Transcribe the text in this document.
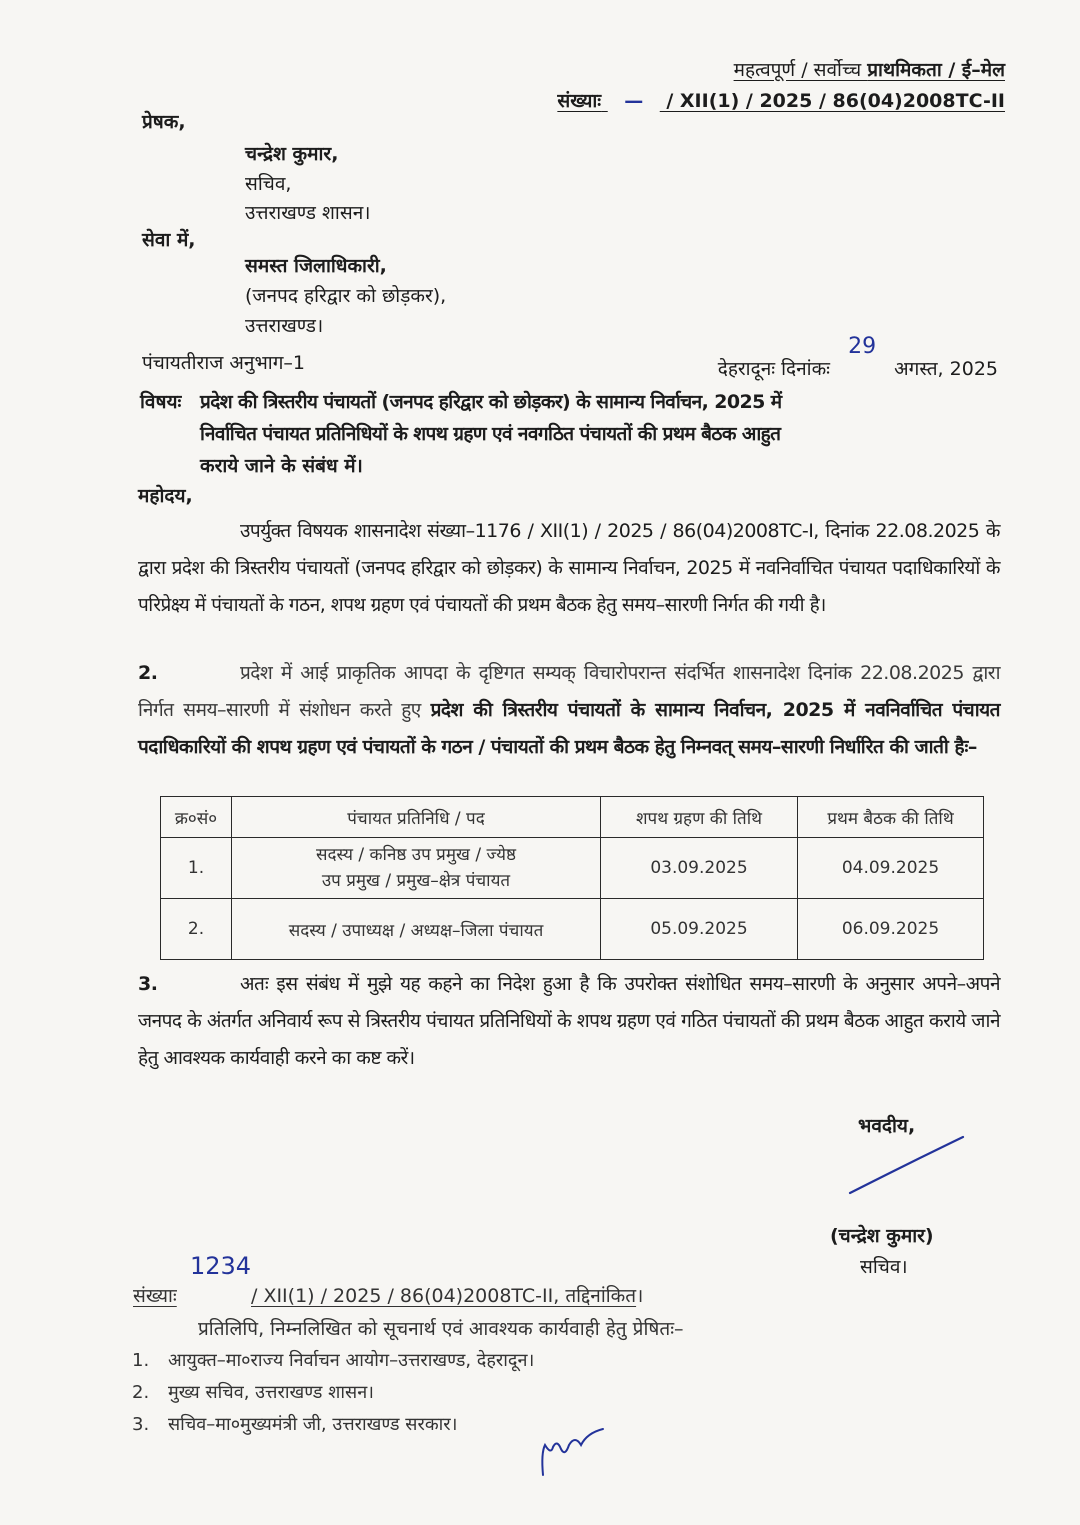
महत्वपूर्ण / सर्वोच्च प्राथमिकता / ई–मेल
संख्याः — / XII(1) / 2025 / 86(04)2008TC-II
प्रेषक,
चन्द्रेश कुमार,
सचिव,
उत्तराखण्ड शासन।
सेवा में,
समस्त जिलाधिकारी,
(जनपद हरिद्वार को छोड़कर),
उत्तराखण्ड।
पंचायतीराज अनुभाग–1	देहरादूनः दिनांकः 29 अगस्त, 2025
विषयः प्रदेश की त्रिस्तरीय पंचायतों (जनपद हरिद्वार को छोड़कर) के सामान्य निर्वाचन, 2025 में
निर्वाचित पंचायत प्रतिनिधियों के शपथ ग्रहण एवं नवगठित पंचायतों की प्रथम बैठक आहुत
कराये जाने के संबंध में।
महोदय,
उपर्युक्त विषयक शासनादेश संख्या–1176 / XII(1) / 2025 / 86(04)2008TC-I, दिनांक 22.08.2025 के द्वारा प्रदेश की त्रिस्तरीय पंचायतों (जनपद हरिद्वार को छोड़कर) के सामान्य निर्वाचन, 2025 में नवनिर्वाचित पंचायत पदाधिकारियों के परिप्रेक्ष्य में पंचायतों के गठन, शपथ ग्रहण एवं पंचायतों की प्रथम बैठक हेतु समय–सारणी निर्गत की गयी है।
2.	प्रदेश में आई प्राकृतिक आपदा के दृष्टिगत सम्यक् विचारोपरान्त संदर्भित शासनादेश दिनांक 22.08.2025 द्वारा निर्गत समय–सारणी में संशोधन करते हुए प्रदेश की त्रिस्तरीय पंचायतों के सामान्य निर्वाचन, 2025 में नवनिर्वाचित पंचायत पदाधिकारियों की शपथ ग्रहण एवं पंचायतों के गठन / पंचायतों की प्रथम बैठक हेतु निम्नवत् समय–सारणी निर्धारित की जाती हैः–
क्र०सं०	पंचायत प्रतिनिधि / पद	शपथ ग्रहण की तिथि	प्रथम बैठक की तिथि
1.	सदस्य / कनिष्ठ उप प्रमुख / ज्येष्ठ
उप प्रमुख / प्रमुख–क्षेत्र पंचायत	03.09.2025	04.09.2025
2.	सदस्य / उपाध्यक्ष / अध्यक्ष–जिला पंचायत	05.09.2025	06.09.2025
3.	अतः इस संबंध में मुझे यह कहने का निदेश हुआ है कि उपरोक्त संशोधित समय–सारणी के अनुसार अपने–अपने जनपद के अंतर्गत अनिवार्य रूप से त्रिस्तरीय पंचायत प्रतिनिधियों के शपथ ग्रहण एवं गठित पंचायतों की प्रथम बैठक आहुत कराये जाने हेतु आवश्यक कार्यवाही करने का कष्ट करें।
भवदीय,
(चन्द्रेश कुमार)
सचिव।
1234
संख्याः	/ XII(1) / 2025 / 86(04)2008TC-II, तद्दिनांकित।
प्रतिलिपि, निम्नलिखित को सूचनार्थ एवं आवश्यक कार्यवाही हेतु प्रेषितः–
1. आयुक्त–मा०राज्य निर्वाचन आयोग–उत्तराखण्ड, देहरादून।
2. मुख्य सचिव, उत्तराखण्ड शासन।
3. सचिव–मा०मुख्यमंत्री जी, उत्तराखण्ड सरकार।
